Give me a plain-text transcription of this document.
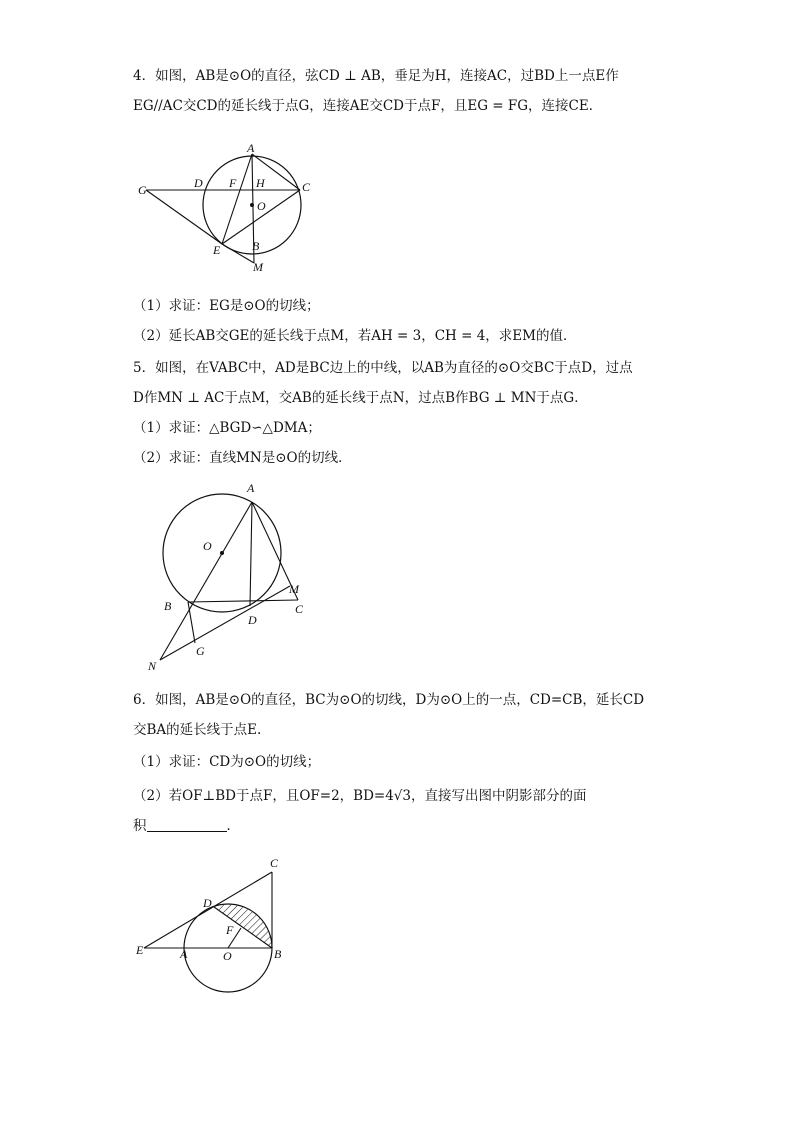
4．如图，AB是⊙O的直径，弦CD ⊥ AB，垂足为H，连接AC，过BD上一点E作
EG//AC交CD的延长线于点G，连接AE交CD于点F，且EG = FG，连接CE．
A
G	D F H	C
O
B
E
M
（1）求证：EG是⊙O的切线；
（2）延长AB交GE的延长线于点M，若AH = 3，CH = 4，求EM的值．
5．如图，在VABC中，AD是BC边上的中线，以AB为直径的⊙O交BC于点D，过点
D作MN ⊥ AC于点M，交AB的延长线于点N，过点B作BG ⊥ MN于点G．
（1）求证：△BGD∽△DMA；
（2）求证：直线MN是⊙O的切线．
A
O
M
C
B
D
G
N
6．如图，AB是⊙O的直径，BC为⊙O的切线，D为⊙O上的一点，CD=CB，延长CD
交BA的延长线于点E.
（1）求证：CD为⊙O的切线；
（2）若OF⊥BD于点F，且OF=2，BD=4√3，直接写出图中阴影部分的面
积	．
C
D
F
E	A	O	B
